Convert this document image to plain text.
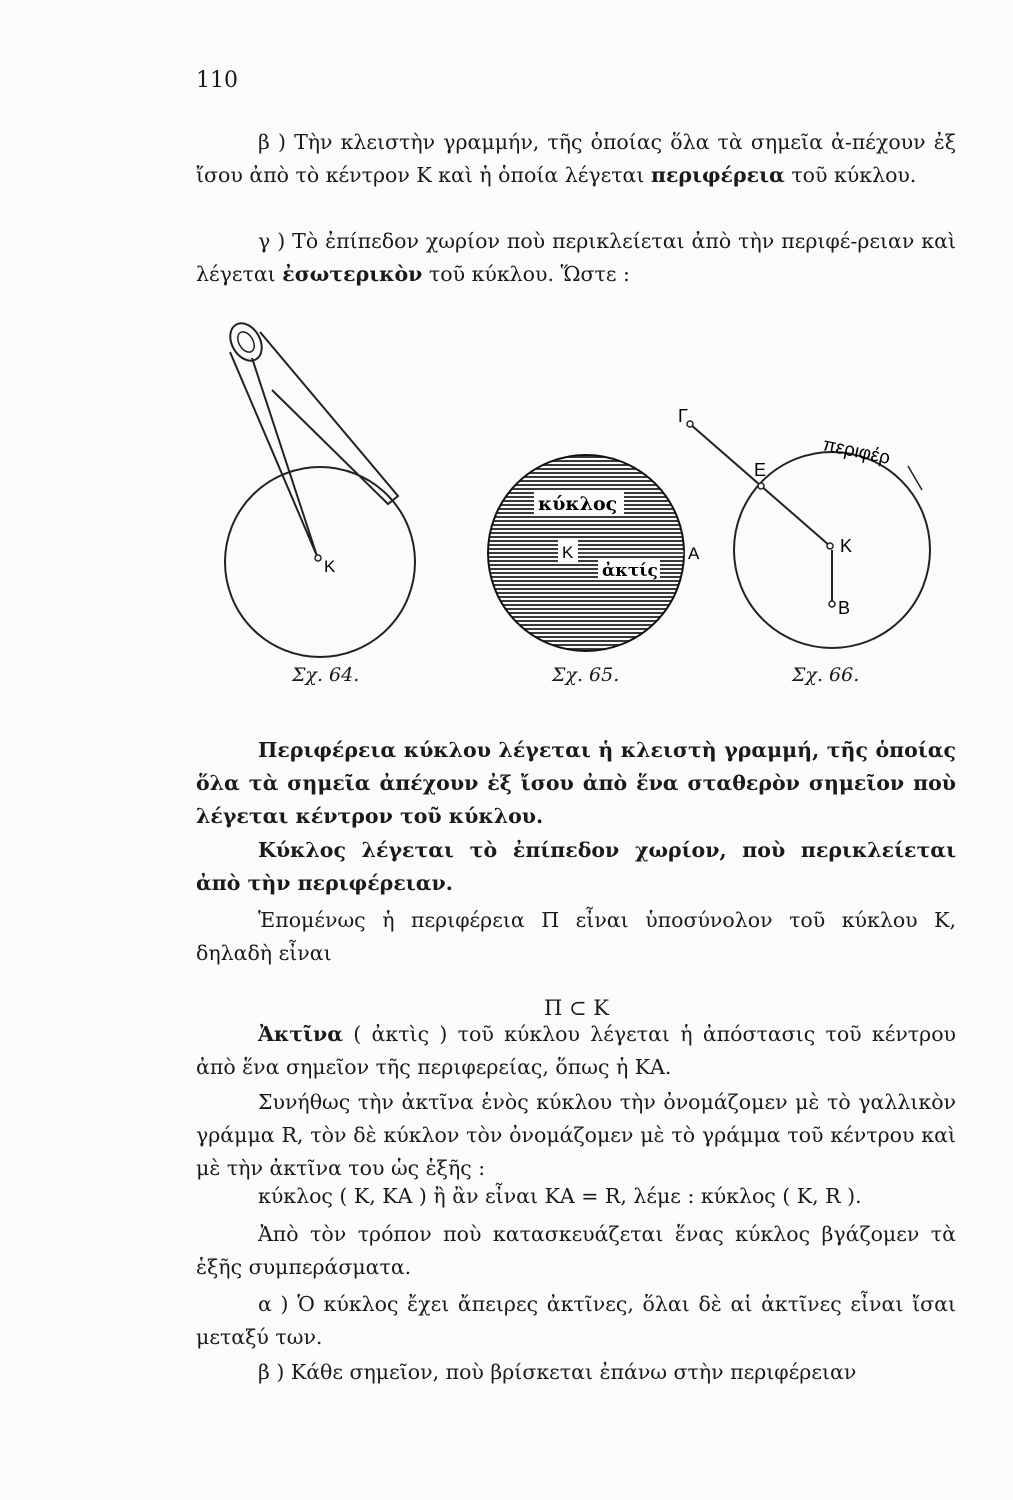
110
β ) Τὴν κλειστὴν γραμμήν, τῆς ὁποίας ὅλα τὰ σημεῖα ἀ-πέχουν ἐξ ἴσου ἀπὸ τὸ κέντρον Κ καὶ ἡ ὁποία λέγεται περιφέρεια τοῦ κύκλου.
γ ) Τὸ ἐπίπεδον χωρίον ποὺ περικλείεται ἀπὸ τὴν περιφέ-ρειαν καὶ λέγεται ἐσωτερικὸν τοῦ κύκλου. Ὥστε :
Κ
κύκλος
Κ
ἀκτίς
Α
Γ
Ε
Κ
Β
περιφέρ
Σχ. 64.	Σχ. 65.	Σχ. 66.
Περιφέρεια κύκλου λέγεται ἡ κλειστὴ γραμμή, τῆς ὁποίας ὅλα τὰ σημεῖα ἀπέχουν ἐξ ἴσου ἀπὸ ἕνα σταθερὸν σημεῖον ποὺ λέγεται κέντρον τοῦ κύκλου.
Κύκλος λέγεται τὸ ἐπίπεδον χωρίον, ποὺ περικλείεται ἀπὸ τὴν περιφέρειαν.
Ἑπομένως ἡ περιφέρεια Π εἶναι ὑποσύνολον τοῦ κύκλου Κ, δηλαδὴ εἶναι
Π ⊂ Κ
Ἀκτῖνα ( ἀκτὶς ) τοῦ κύκλου λέγεται ἡ ἀπόστασις τοῦ κέντρου ἀπὸ ἕνα σημεῖον τῆς περιφερείας, ὅπως ἡ ΚΑ.
Συνήθως τὴν ἀκτῖνα ἑνὸς κύκλου τὴν ὀνομάζομεν μὲ τὸ γαλλικὸν γράμμα R, τὸν δὲ κύκλον τὸν ὀνομάζομεν μὲ τὸ γράμμα τοῦ κέντρου καὶ μὲ τὴν ἀκτῖνα του ὡς ἑξῆς :
κύκλος ( Κ, ΚΑ ) ἢ ἂν εἶναι ΚΑ = R, λέμε : κύκλος ( Κ, R ).
Ἀπὸ τὸν τρόπον ποὺ κατασκευάζεται ἕνας κύκλος βγάζομεν τὰ ἑξῆς συμπεράσματα.
α ) Ὁ κύκλος ἔχει ἄπειρες ἀκτῖνες, ὅλαι δὲ αἱ ἀκτῖνες εἶναι ἴσαι μεταξύ των.
β ) Κάθε σημεῖον, ποὺ βρίσκεται ἐπάνω στὴν περιφέρειαν
